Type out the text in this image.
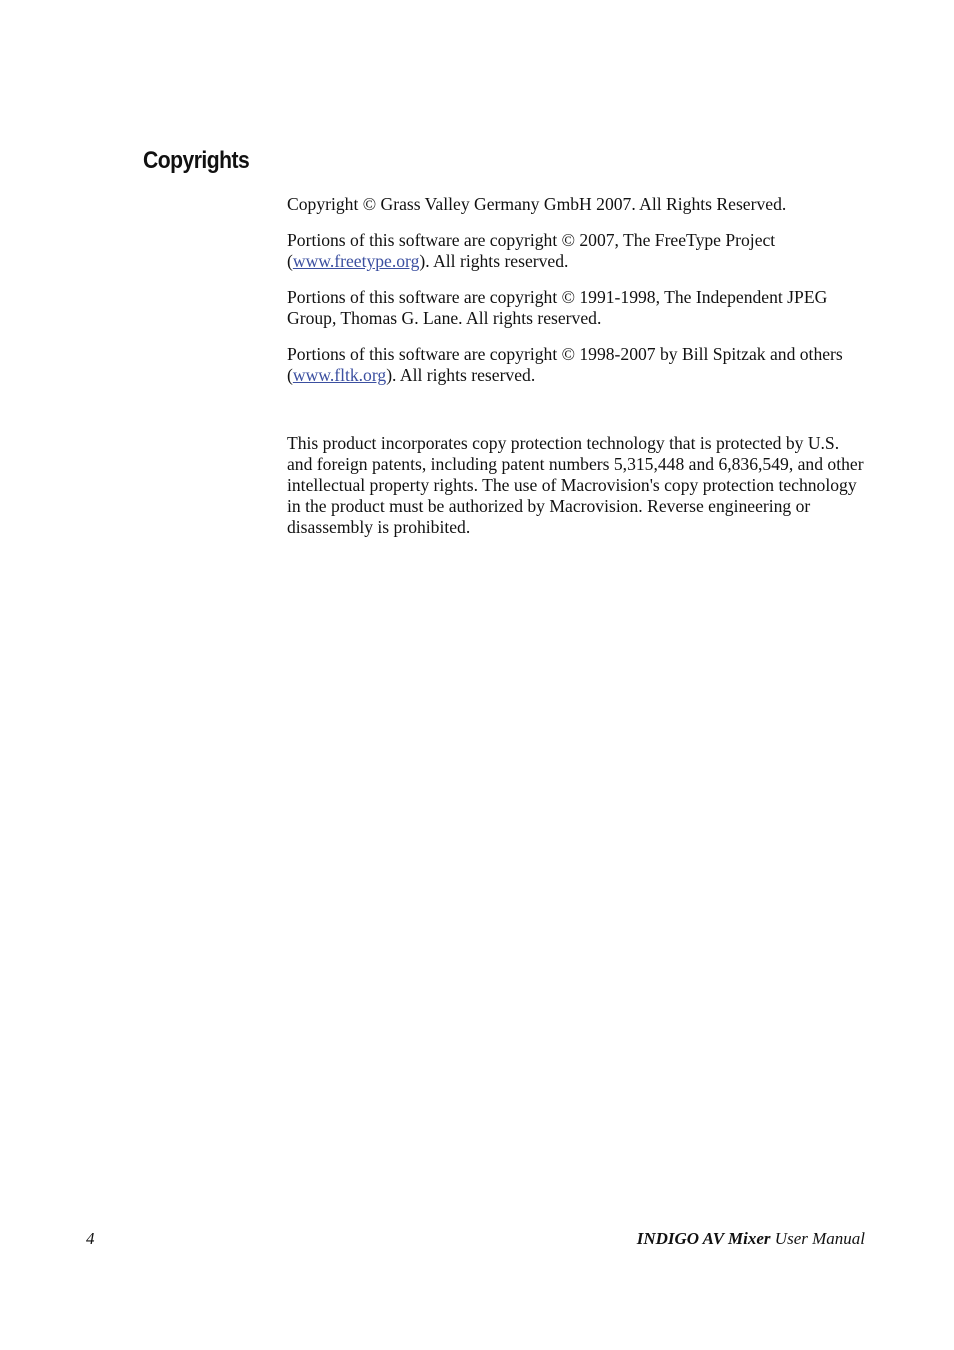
Copyrights

Copyright © Grass Valley Germany GmbH 2007. All Rights Reserved.

Portions of this software are copyright © 2007, The FreeType Project (www.freetype.org). All rights reserved.

Portions of this software are copyright © 1991-1998, The Independent JPEG Group, Thomas G. Lane. All rights reserved.

Portions of this software are copyright © 1998-2007 by Bill Spitzak and others (www.fltk.org). All rights reserved.

This product incorporates copy protection technology that is protected by U.S. and foreign patents, including patent numbers 5,315,448 and 6,836,549, and other intellectual property rights. The use of Macrovision's copy protection technology in the product must be authorized by Macrovision. Reverse engineering or disassembly is prohibited.

4	INDIGO AV Mixer User Manual
